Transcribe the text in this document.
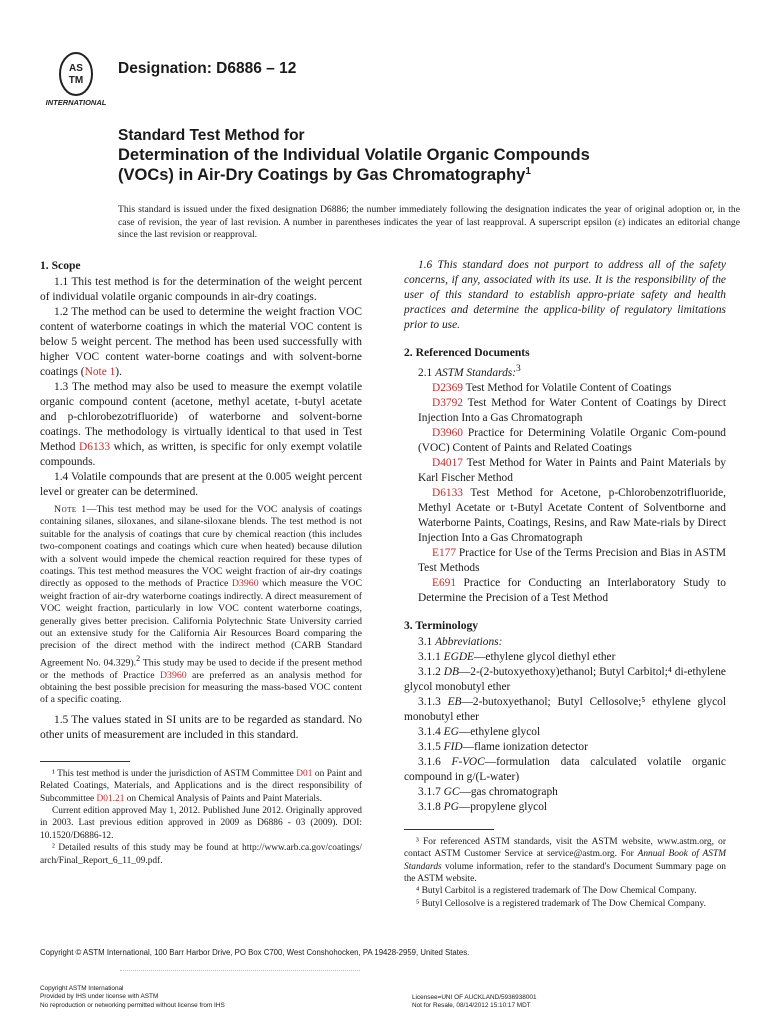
AS
TM
INTERNATIONAL
Designation: D6886 – 12
Standard Test Method for
Determination of the Individual Volatile Organic Compounds
(VOCs) in Air-Dry Coatings by Gas Chromatography$^1$
This standard is issued under the fixed designation D6886; the number immediately following the designation indicates the year of original adoption or, in the case of revision, the year of last revision. A number in parentheses indicates the year of last reapproval. A superscript epsilon (ε) indicates an editorial change since the last revision or reapproval.
1. Scope

1.1 This test method is for the determination of the weight percent of individual volatile organic compounds in air-dry coatings.

1.2 The method can be used to determine the weight fraction VOC content of waterborne coatings in which the material VOC content is below 5 weight percent. The method has been used successfully with higher VOC content water-borne coatings and with solvent-borne coatings (Note 1).

1.3 The method may also be used to measure the exempt volatile organic compound content (acetone, methyl acetate, t-butyl acetate and p-chlorobezotrifluoride) of waterborne and solvent-borne coatings. The methodology is virtually identical to that used in Test Method D6133 which, as written, is specific for only exempt volatile compounds.

1.4 Volatile compounds that are present at the 0.005 weight percent level or greater can be determined.

Note 1—This test method may be used for the VOC analysis of coatings containing silanes, siloxanes, and silane-siloxane blends. The test method is not suitable for the analysis of coatings that cure by chemical reaction (this includes two-component coatings and coatings which cure when heated) because dilution with a solvent would impede the chemical reaction required for these types of coatings. This test method measures the VOC weight fraction of air-dry coatings directly as opposed to the methods of Practice D3960 which measure the VOC weight fraction of air-dry waterborne coatings indirectly. A direct measurement of VOC weight fraction, particularly in low VOC content waterborne coatings, generally gives better precision. California Polytechnic State University carried out an extensive study for the California Air Resources Board comparing the precision of the direct method with the indirect method (CARB Standard Agreement No. 04.329).$^2$ This study may be used to decide if the present method or the methods of Practice D3960 are preferred as an analysis method for obtaining the best possible precision for measuring the mass-based VOC content of a specific coating.

1.5 The values stated in SI units are to be regarded as standard. No other units of measurement are included in this standard.

¹ This test method is under the jurisdiction of ASTM Committee D01 on Paint and Related Coatings, Materials, and Applications and is the direct responsibility of Subcommittee D01.21 on Chemical Analysis of Paints and Paint Materials.

Current edition approved May 1, 2012. Published June 2012. Originally approved in 2003. Last previous edition approved in 2009 as D6886 - 03 (2009). DOI: 10.1520/D6886-12.

² Detailed results of this study may be found at http://www.arb.ca.gov/coatings/ arch/Final_Report_6_11_09.pdf.

1.6 This standard does not purport to address all of the safety concerns, if any, associated with its use. It is the responsibility of the user of this standard to establish appro-priate safety and health practices and determine the applica-bility of regulatory limitations prior to use.

2. Referenced Documents

2.1 ASTM Standards:$^3$

D2369 Test Method for Volatile Content of Coatings

D3792 Test Method for Water Content of Coatings by Direct Injection Into a Gas Chromatograph

D3960 Practice for Determining Volatile Organic Com-pound (VOC) Content of Paints and Related Coatings

D4017 Test Method for Water in Paints and Paint Materials by Karl Fischer Method

D6133 Test Method for Acetone, p-Chlorobenzotrifluoride, Methyl Acetate or t-Butyl Acetate Content of Solventborne and Waterborne Paints, Coatings, Resins, and Raw Mate-rials by Direct Injection Into a Gas Chromatograph

E177 Practice for Use of the Terms Precision and Bias in ASTM Test Methods

E691 Practice for Conducting an Interlaboratory Study to Determine the Precision of a Test Method

3. Terminology

3.1 Abbreviations:

3.1.1 EGDE—ethylene glycol diethyl ether

3.1.2 DB—2-(2-butoxyethoxy)ethanol; Butyl Carbitol;⁴ di-ethylene glycol monobutyl ether

3.1.3 EB—2-butoxyethanol; Butyl Cellosolve;⁵ ethylene glycol monobutyl ether

3.1.4 EG—ethylene glycol

3.1.5 FID—flame ionization detector

3.1.6 F-VOC—formulation data calculated volatile organic compound in g/(L-water)

3.1.7 GC—gas chromatograph

3.1.8 PG—propylene glycol

³ For referenced ASTM standards, visit the ASTM website, www.astm.org, or contact ASTM Customer Service at service@astm.org. For Annual Book of ASTM Standards volume information, refer to the standard's Document Summary page on the ASTM website.

⁴ Butyl Carbitol is a registered trademark of The Dow Chemical Company.

⁵ Butyl Cellosolve is a registered trademark of The Dow Chemical Company.

Copyright © ASTM International, 100 Barr Harbor Drive, PO Box C700, West Conshohocken, PA 19428-2959, United States.
Copyright ASTM International
Provided by IHS under license with ASTM
No reproduction or networking permitted without license from IHS
Licensee=UNI OF AUCKLAND/5936938001
Not for Resale, 08/14/2012 15:10:17 MDT
